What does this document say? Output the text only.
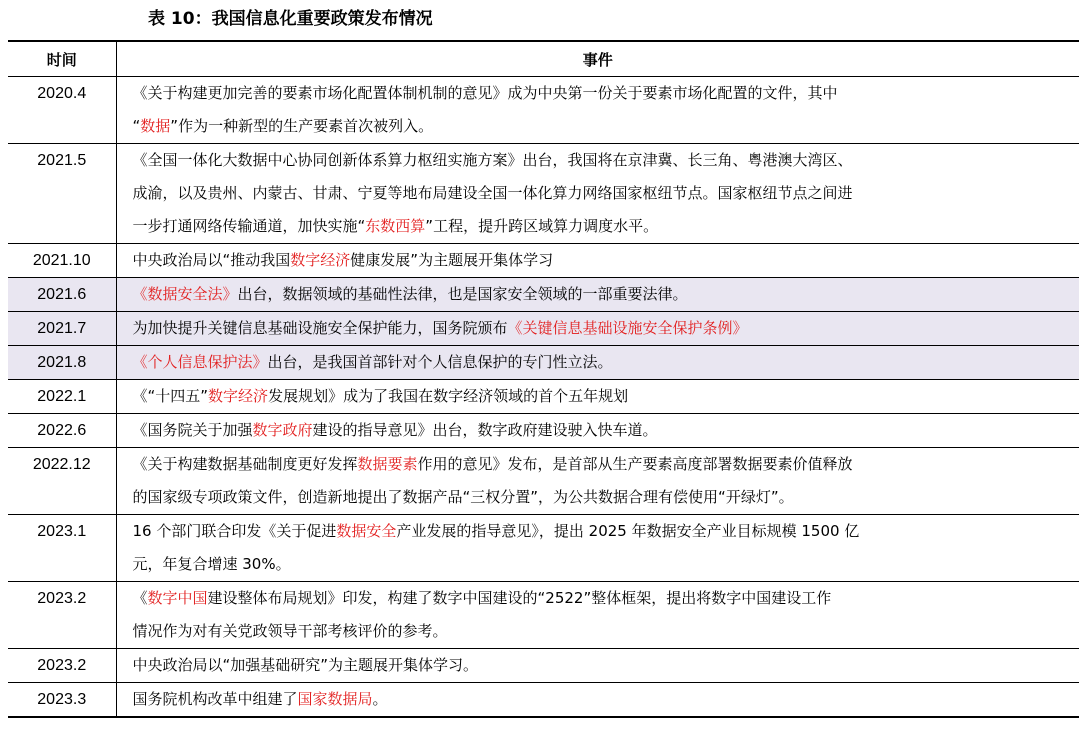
表 10：我国信息化重要政策发布情况
时间	事件

2020.4	《关于构建更加完善的要素市场化配置体制机制的意见》成为中央第一份关于要素市场化配置的文件，其中
“数据”作为一种新型的生产要素首次被列入。

2021.5	《全国一体化大数据中心协同创新体系算力枢纽实施方案》出台，我国将在京津冀、长三角、粤港澳大湾区、
成渝，以及贵州、内蒙古、甘肃、宁夏等地布局建设全国一体化算力网络国家枢纽节点。国家枢纽节点之间进
一步打通网络传输通道，加快实施“东数西算”工程，提升跨区域算力调度水平。

2021.10	中央政治局以“推动我国数字经济健康发展”为主题展开集体学习

2021.6	《数据安全法》出台，数据领域的基础性法律，也是国家安全领域的一部重要法律。

2021.7	为加快提升关键信息基础设施安全保护能力，国务院颁布《关键信息基础设施安全保护条例》

2021.8	《个人信息保护法》出台，是我国首部针对个人信息保护的专门性立法。

2022.1	《“十四五”数字经济发展规划》成为了我国在数字经济领域的首个五年规划

2022.6	《国务院关于加强数字政府建设的指导意见》出台，数字政府建设驶入快车道。

2022.12	《关于构建数据基础制度更好发挥数据要素作用的意见》发布，是首部从生产要素高度部署数据要素价值释放
的国家级专项政策文件，创造新地提出了数据产品“三权分置”，为公共数据合理有偿使用“开绿灯”。

2023.1	16 个部门联合印发《关于促进数据安全产业发展的指导意见》，提出 2025 年数据安全产业目标规模 1500 亿
元，年复合增速 30%。

2023.2	《数字中国建设整体布局规划》印发，构建了数字中国建设的“2522”整体框架，提出将数字中国建设工作
情况作为对有关党政领导干部考核评价的参考。

2023.2	中央政治局以“加强基础研究”为主题展开集体学习。

2023.3	国务院机构改革中组建了国家数据局。
